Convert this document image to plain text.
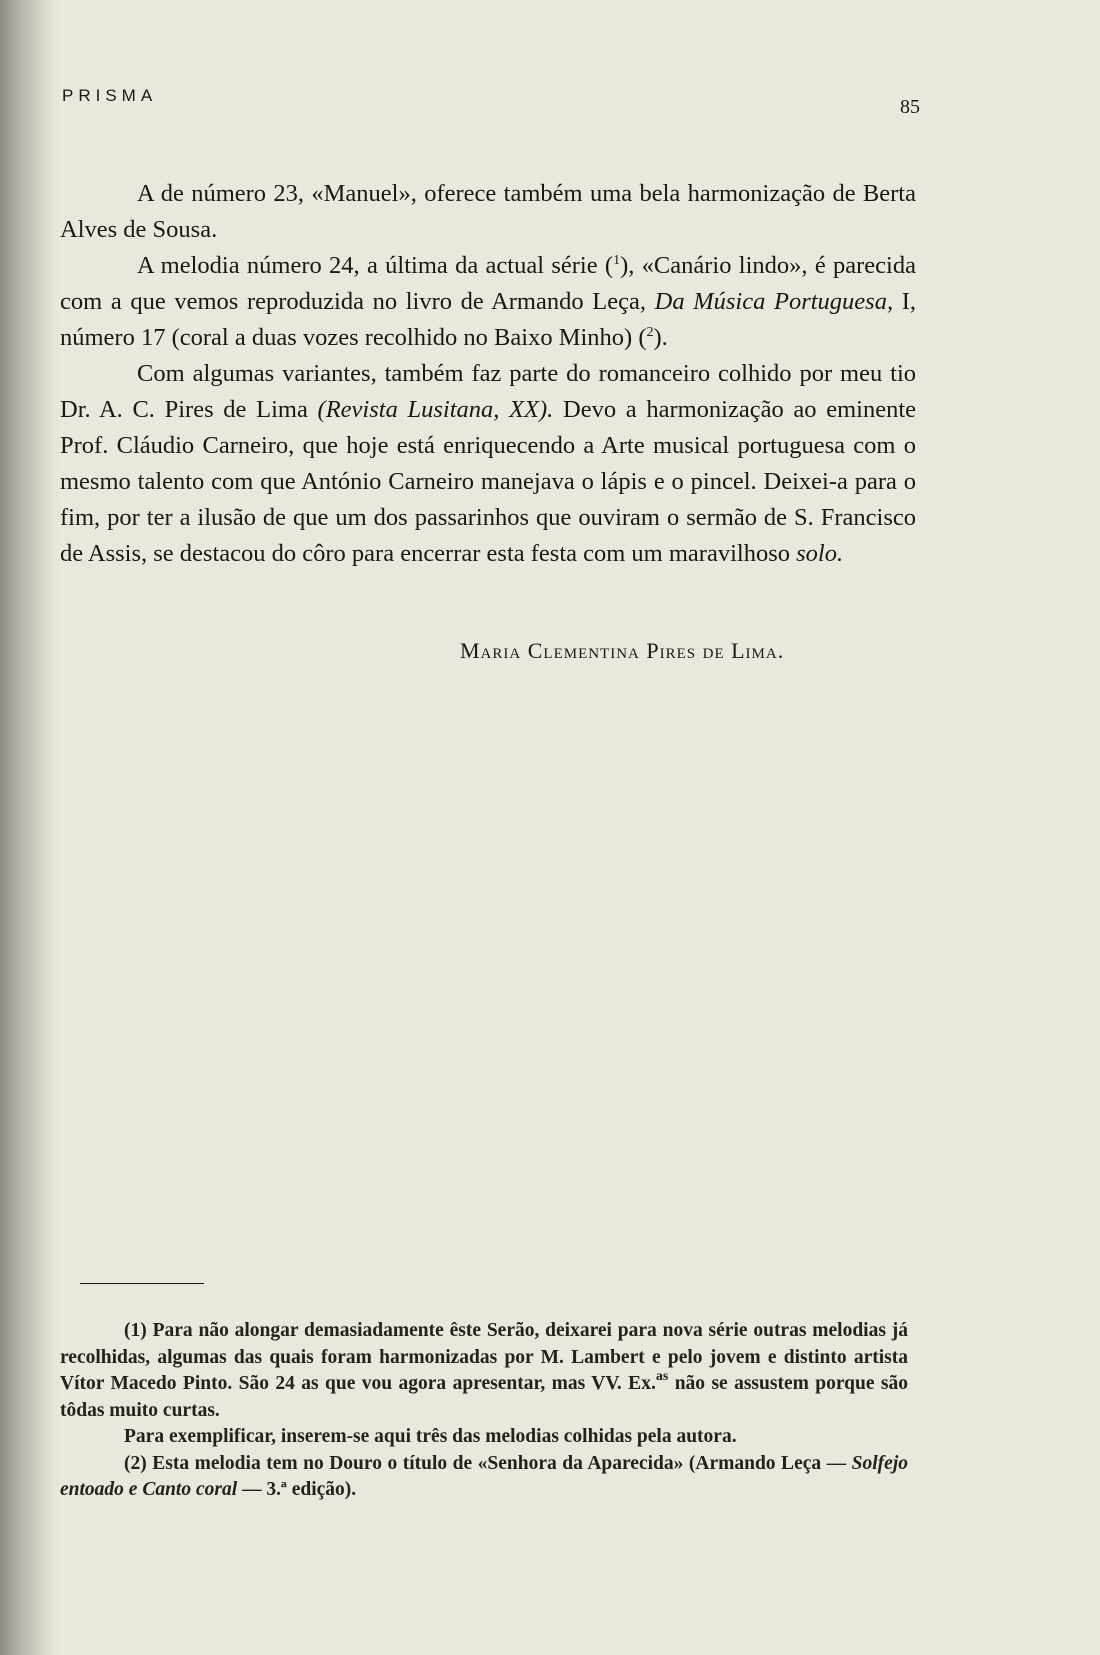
PRISMA
85

A de número 23, «Manuel», oferece também uma bela harmonização de Berta Alves de Sousa.

A melodia número 24, a última da actual série ($^1$), «Canário lindo», é parecida com a que vemos reproduzida no livro de Armando Leça, Da Música Portuguesa, I, número 17 (coral a duas vozes recolhido no Baixo Minho) ($^2$).

Com algumas variantes, também faz parte do romanceiro colhido por meu tio Dr. A. C. Pires de Lima (Revista Lusitana, XX). Devo a harmonização ao eminente Prof. Cláudio Carneiro, que hoje está enriquecendo a Arte musical portuguesa com o mesmo talento com que António Carneiro manejava o lápis e o pincel. Deixei-a para o fim, por ter a ilusão de que um dos passarinhos que ouviram o sermão de S. Francisco de Assis, se destacou do côro para encerrar esta festa com um maravilhoso solo.

Maria Clementina Pires de Lima.

(1) Para não alongar demasiadamente êste Serão, deixarei para nova série outras melodias já recolhidas, algumas das quais foram harmonizadas por M. Lambert e pelo jovem e distinto artista Vítor Macedo Pinto. São 24 as que vou agora apresentar, mas VV. Ex.$^{as}$ não se assustem porque são tôdas muito curtas.

Para exemplificar, inserem-se aqui três das melodias colhidas pela autora.

(2) Esta melodia tem no Douro o título de «Senhora da Aparecida» (Armando Leça — Solfejo entoado e Canto coral — 3.ª edição).
